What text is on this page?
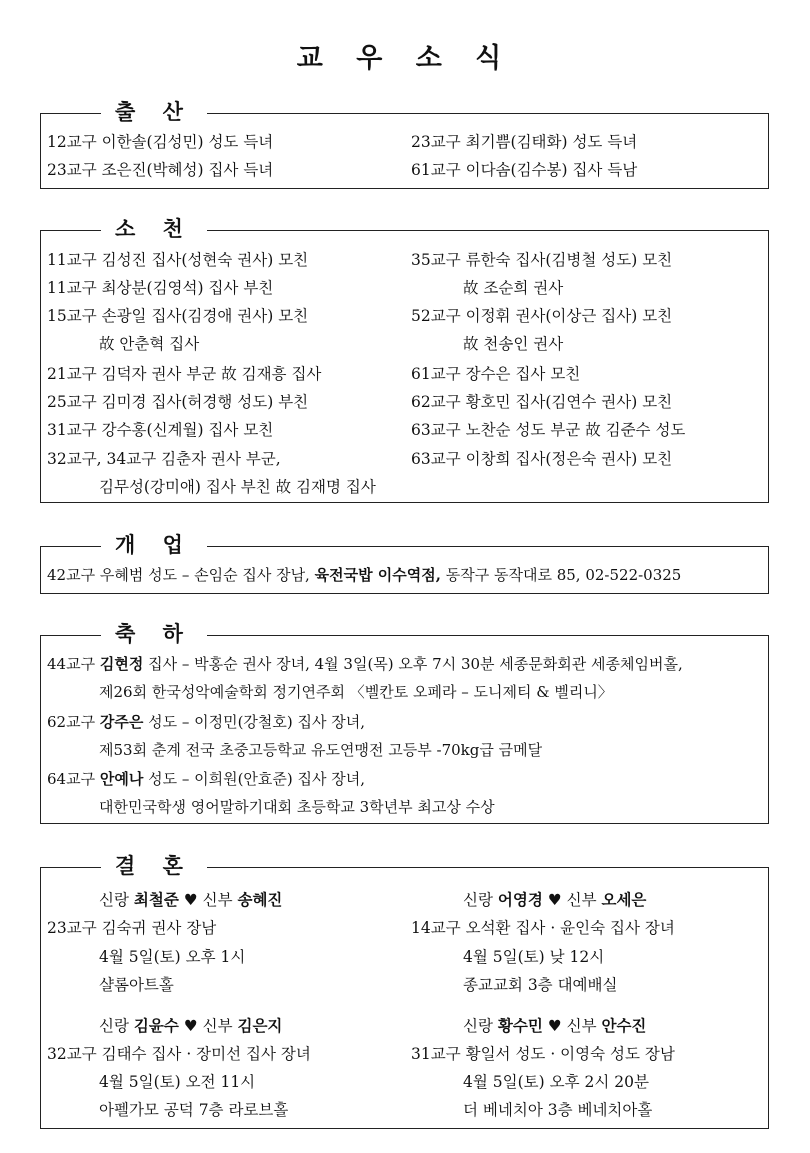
교 우 소 식
출 산
12교구 이한솔(김성민) 성도 득녀	23교구 최기쁨(김태화) 성도 득녀
23교구 조은진(박혜성) 집사 득녀	61교구 이다솜(김수봉) 집사 득남
소 천
11교구 김성진 집사(성현숙 권사) 모친
11교구 최상분(김영석) 집사 부친
15교구 손광일 집사(김경애 권사) 모친
故 안춘혁 집사
21교구 김덕자 권사 부군 故 김재흥 집사
25교구 김미경 집사(허경행 성도) 부친
31교구 강수홍(신계월) 집사 모친
32교구, 34교구 김춘자 권사 부군,
김무성(강미애) 집사 부친 故 김재명 집사
35교구 류한숙 집사(김병철 성도) 모친
故 조순희 권사
52교구 이정휘 권사(이상근 집사) 모친
故 천송인 권사
61교구 장수은 집사 모친
62교구 황호민 집사(김연수 권사) 모친
63교구 노찬순 성도 부군 故 김준수 성도
63교구 이창희 집사(정은숙 권사) 모친
개 업
42교구 우혜범 성도 – 손임순 집사 장남, 육전국밥 이수역점, 동작구 동작대로 85, 02-522-0325
축 하
44교구 김현정 집사 – 박홍순 권사 장녀, 4월 3일(목) 오후 7시 30분 세종문화회관 세종체임버홀,
제26회 한국성악예술학회 정기연주회 〈벨칸토 오페라 – 도니제티 & 벨리니〉
62교구 강주은 성도 – 이정민(강철호) 집사 장녀,
제53회 춘계 전국 초중고등학교 유도연맹전 고등부 -70kg급 금메달
64교구 안예나 성도 – 이희원(안효준) 집사 장녀,
대한민국학생 영어말하기대회 초등학교 3학년부 최고상 수상
결 혼
신랑 최철준 ♥ 신부 송혜진
23교구 김숙귀 권사 장남
4월 5일(토) 오후 1시
샬롬아트홀
신랑 어영경 ♥ 신부 오세은
14교구 오석환 집사 · 윤인숙 집사 장녀
4월 5일(토) 낮 12시
종교교회 3층 대예배실
신랑 김윤수 ♥ 신부 김은지
32교구 김태수 집사 · 장미선 집사 장녀
4월 5일(토) 오전 11시
아펠가모 공덕 7층 라로브홀
신랑 황수민 ♥ 신부 안수진
31교구 황일서 성도 · 이영숙 성도 장남
4월 5일(토) 오후 2시 20분
더 베네치아 3층 베네치아홀
